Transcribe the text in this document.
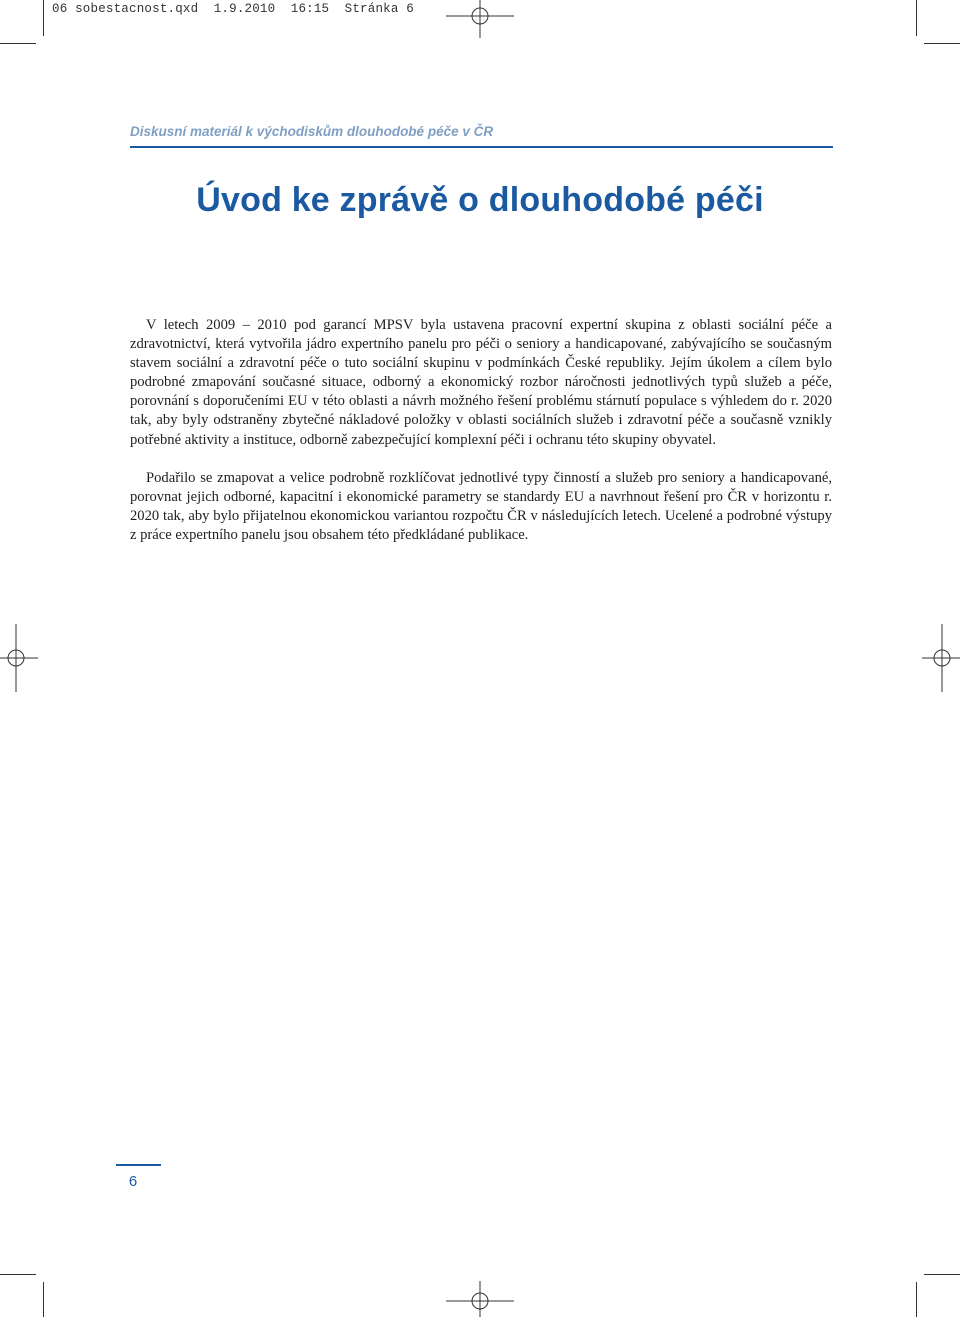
06 sobestacnost.qxd  1.9.2010  16:15  Stránka 6
Diskusní materiál k východiskům dlouhodobé péče v ČR
Úvod ke zprávě o dlouhodobé péči

V letech 2009 – 2010 pod garancí MPSV byla ustavena pracovní expertní skupina z oblasti sociální péče a zdravotnictví, která vytvořila jádro expertního panelu pro péči o seniory a handicapované, zabývajícího se současným stavem sociální a zdravotní péče o tuto sociální skupinu v podmínkách České republiky. Jejím úkolem a cílem bylo podrobné zmapování současné situace, odborný a ekonomický rozbor náročnosti jednotlivých typů služeb a péče, porovnání s doporučeními EU v této oblasti a návrh možného řešení problému stárnutí populace s výhledem do r. 2020 tak, aby byly odstraněny zbytečné nákladové položky v oblasti sociálních služeb i zdravotní péče a současně vznikly potřebné aktivity a instituce, odborně zabezpečující komplexní péči i ochranu této skupiny obyvatel.

Podařilo se zmapovat a velice podrobně rozklíčovat jednotlivé typy činností a služeb pro seniory a handicapované, porovnat jejich odborné, kapacitní i ekonomické parametry se standardy EU a navrhnout řešení pro ČR v horizontu r. 2020 tak, aby bylo přijatelnou ekonomickou variantou rozpočtu ČR v následujících letech. Ucelené a podrobné výstupy z práce expertního panelu jsou obsahem této předkládané publikace.

6
